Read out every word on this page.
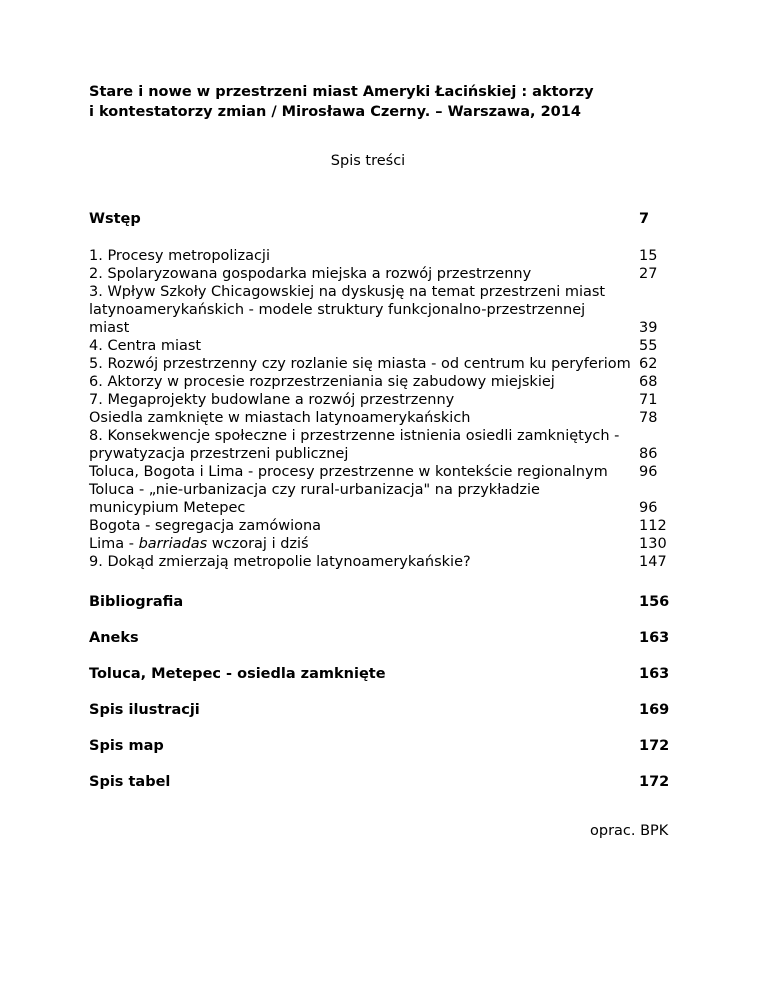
Stare i nowe w przestrzeni miast Ameryki Łacińskiej : aktorzy
i kontestatorzy zmian / Mirosława Czerny. – Warszawa, 2014
Spis treści
Wstęp	7
1. Procesy metropolizacji	15
2. Spolaryzowana gospodarka miejska a rozwój przestrzenny	27
3. Wpływ Szkoły Chicagowskiej na dyskusję na temat przestrzeni miast
latynoamerykańskich - modele struktury funkcjonalno-przestrzennej
miast	39
4. Centra miast	55
5. Rozwój przestrzenny czy rozlanie się miasta - od centrum ku peryferiom 62
6. Aktorzy w procesie rozprzestrzeniania się zabudowy miejskiej	68
7. Megaprojekty budowlane a rozwój przestrzenny	71
Osiedla zamknięte w miastach latynoamerykańskich	78
8. Konsekwencje społeczne i przestrzenne istnienia osiedli zamkniętych -
prywatyzacja przestrzeni publicznej	86
Toluca, Bogota i Lima - procesy przestrzenne w kontekście regionalnym	96
Toluca - „nie-urbanizacja czy rural-urbanizacja" na przykładzie
municypium Metepec	96
Bogota - segregacja zamówiona	112
Lima - barriadas wczoraj i dziś	130
9. Dokąd zmierzają metropolie latynoamerykańskie?	147
Bibliografia	156
Aneks	163
Toluca, Metepec - osiedla zamknięte	163
Spis ilustracji	169
Spis map	172
Spis tabel	172
oprac. BPK
